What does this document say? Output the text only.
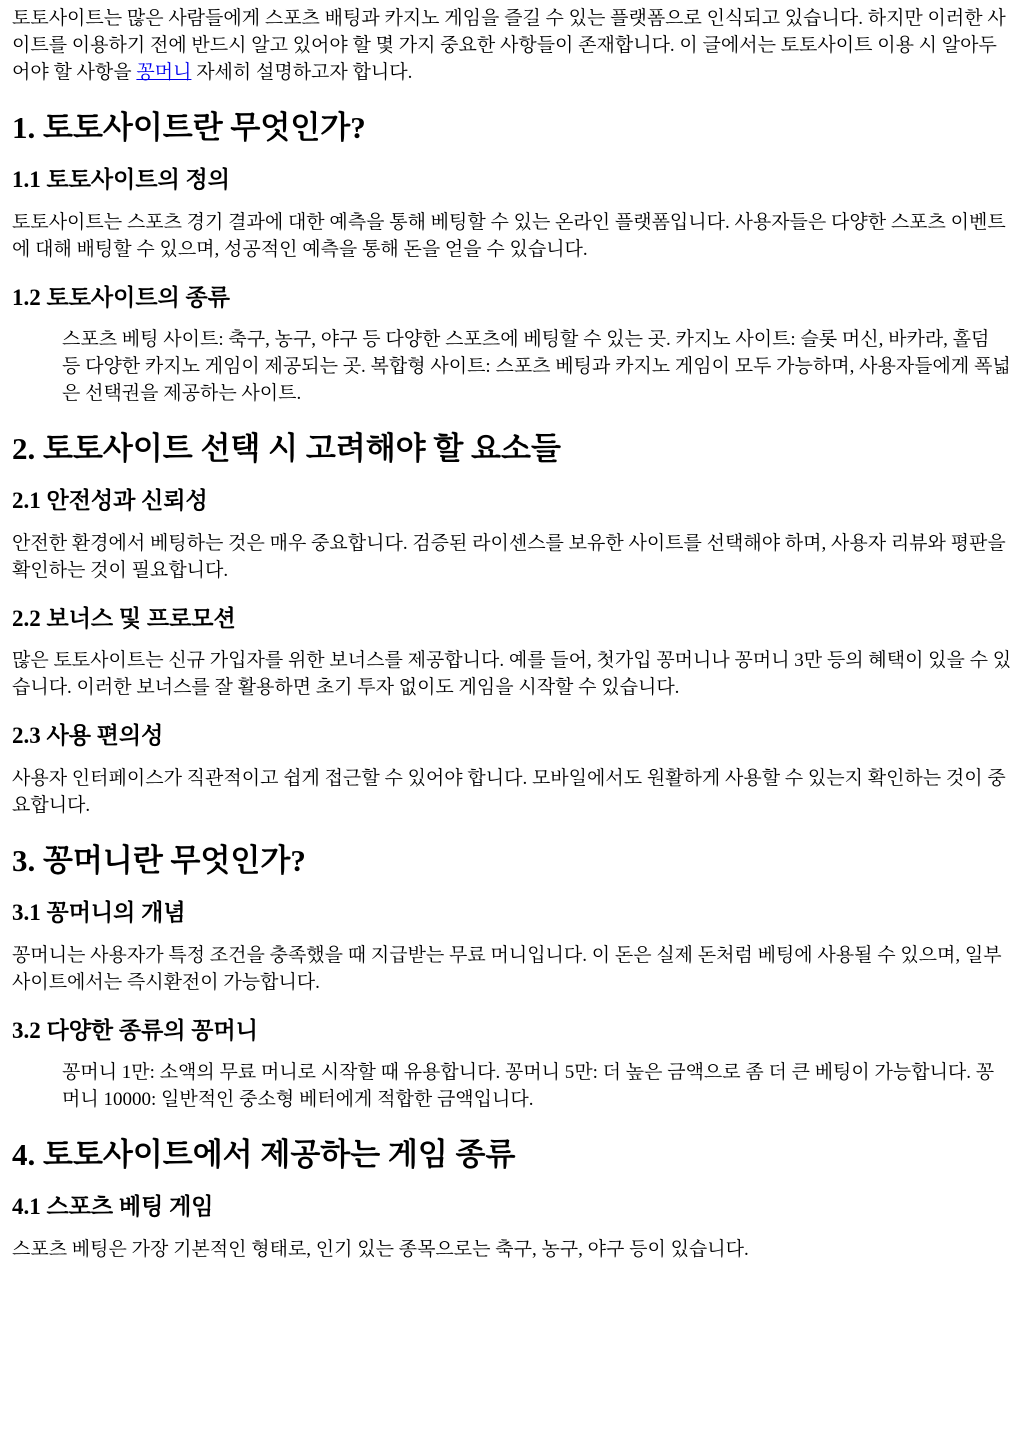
토토사이트는 많은 사람들에게 스포츠 배팅과 카지노 게임을 즐길 수 있는 플랫폼으로 인식되고 있습니다. 하지만 이러한 사이트를 이용하기 전에 반드시 알고 있어야 할 몇 가지 중요한 사항들이 존재합니다. 이 글에서는 토토사이트 이용 시 알아두어야 할 사항을 꽁머니 자세히 설명하고자 합니다.

1. 토토사이트란 무엇인가?
1.1 토토사이트의 정의

토토사이트는 스포츠 경기 결과에 대한 예측을 통해 베팅할 수 있는 온라인 플랫폼입니다. 사용자들은 다양한 스포츠 이벤트에 대해 배팅할 수 있으며, 성공적인 예측을 통해 돈을 얻을 수 있습니다.

1.2 토토사이트의 종류
스포츠 베팅 사이트: 축구, 농구, 야구 등 다양한 스포츠에 베팅할 수 있는 곳. 카지노 사이트: 슬롯 머신, 바카라, 홀덤 등 다양한 카지노 게임이 제공되는 곳. 복합형 사이트: 스포츠 베팅과 카지노 게임이 모두 가능하며, 사용자들에게 폭넓은 선택권을 제공하는 사이트.
2. 토토사이트 선택 시 고려해야 할 요소들
2.1 안전성과 신뢰성

안전한 환경에서 베팅하는 것은 매우 중요합니다. 검증된 라이센스를 보유한 사이트를 선택해야 하며, 사용자 리뷰와 평판을 확인하는 것이 필요합니다.

2.2 보너스 및 프로모션

많은 토토사이트는 신규 가입자를 위한 보너스를 제공합니다. 예를 들어, 첫가입 꽁머니나 꽁머니 3만 등의 혜택이 있을 수 있습니다. 이러한 보너스를 잘 활용하면 초기 투자 없이도 게임을 시작할 수 있습니다.

2.3 사용 편의성

사용자 인터페이스가 직관적이고 쉽게 접근할 수 있어야 합니다. 모바일에서도 원활하게 사용할 수 있는지 확인하는 것이 중요합니다.

3. 꽁머니란 무엇인가?
3.1 꽁머니의 개념

꽁머니는 사용자가 특정 조건을 충족했을 때 지급받는 무료 머니입니다. 이 돈은 실제 돈처럼 베팅에 사용될 수 있으며, 일부 사이트에서는 즉시환전이 가능합니다.

3.2 다양한 종류의 꽁머니
꽁머니 1만: 소액의 무료 머니로 시작할 때 유용합니다. 꽁머니 5만: 더 높은 금액으로 좀 더 큰 베팅이 가능합니다. 꽁머니 10000: 일반적인 중소형 베터에게 적합한 금액입니다.
4. 토토사이트에서 제공하는 게임 종류
4.1 스포츠 베팅 게임

스포츠 베팅은 가장 기본적인 형태로, 인기 있는 종목으로는 축구, 농구, 야구 등이 있습니다.
